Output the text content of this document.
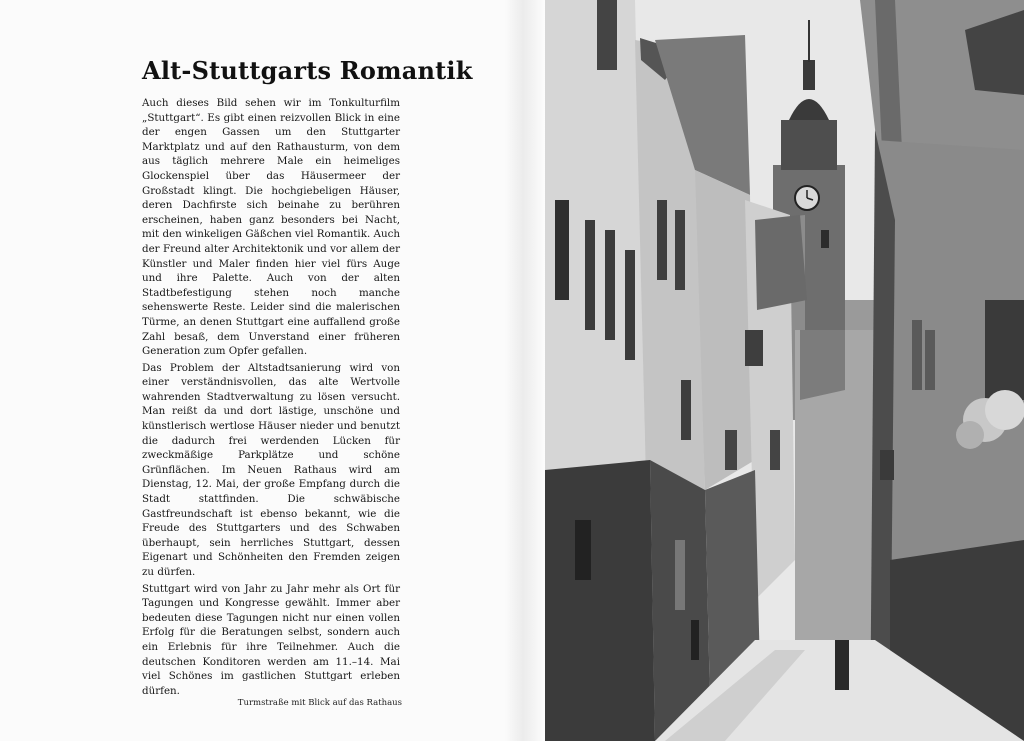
Alt-Stuttgarts Romantik

Auch dieses Bild sehen wir im Tonkulturfilm „Stuttgart“. Es gibt einen reizvollen Blick in eine der engen Gassen um den Stuttgarter Marktplatz und auf den Rathausturm, von dem aus täglich mehrere Male ein heimeliges Glockenspiel über das Häusermeer der Großstadt klingt. Die hochgiebeligen Häuser, deren Dachfirste sich beinahe zu berühren erscheinen, haben ganz besonders bei Nacht, mit den winkeligen Gäßchen viel Romantik. Auch der Freund alter Architektonik und vor allem der Künstler und Maler finden hier viel fürs Auge und ihre Palette. Auch von der alten Stadtbefestigung stehen noch manche sehenswerte Reste. Leider sind die malerischen Türme, an denen Stuttgart eine auffallend große Zahl besaß, dem Unverstand einer früheren Generation zum Opfer gefallen.

Das Problem der Altstadtsanierung wird von einer verständnisvollen, das alte Wertvolle wahrenden Stadtverwaltung zu lösen versucht. Man reißt da und dort lästige, unschöne und künstlerisch wertlose Häuser nieder und benutzt die dadurch frei werdenden Lücken für zweckmäßige Parkplätze und schöne Grünflächen. Im Neuen Rathaus wird am Dienstag, 12. Mai, der große Empfang durch die Stadt stattfinden. Die schwäbische Gastfreundschaft ist ebenso bekannt, wie die Freude des Stuttgarters und des Schwaben überhaupt, sein herrliches Stuttgart, dessen Eigenart und Schönheiten den Fremden zeigen zu dürfen.

Stuttgart wird von Jahr zu Jahr mehr als Ort für Tagungen und Kongresse gewählt. Immer aber bedeuten diese Tagungen nicht nur einen vollen Erfolg für die Beratungen selbst, sondern auch ein Erlebnis für ihre Teilnehmer. Auch die deutschen Konditoren werden am 11.–14. Mai viel Schönes im gastlichen Stuttgart erleben dürfen.

Turmstraße mit Blick auf das Rathaus
